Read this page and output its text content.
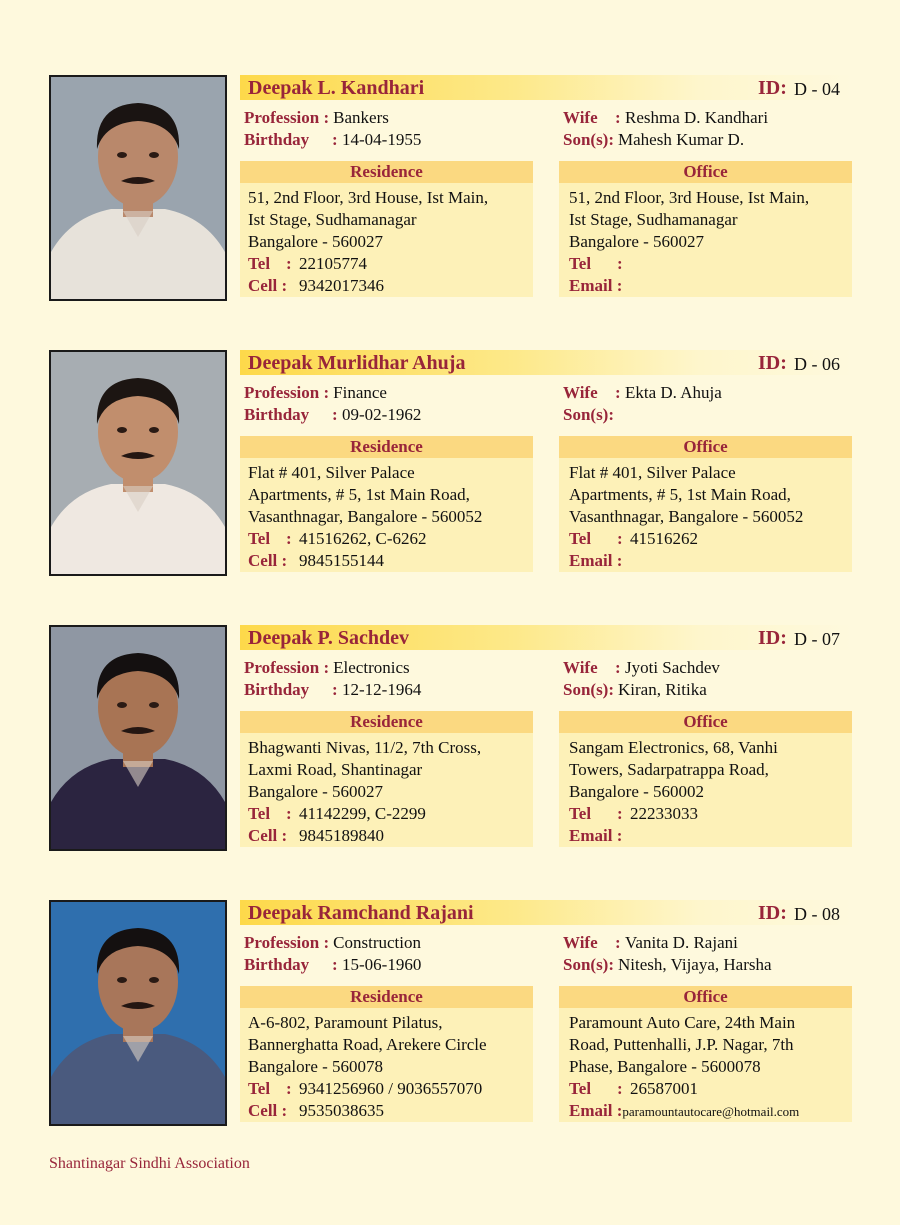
Deepak L. Kandhari	ID: D - 04
Profession : Bankers
Birthday : 14-04-1955
Wife : Reshma D. Kandhari
Son(s): Mahesh Kumar D.
Residence
51, 2nd Floor, 3rd House, Ist Main,
Ist Stage, Sudhamanagar
Bangalore - 560027
Tel : 22105774
Cell : 9342017346
Office
51, 2nd Floor, 3rd House, Ist Main,
Ist Stage, Sudhamanagar
Bangalore - 560027
Tel :
Email :
Deepak Murlidhar Ahuja	ID: D - 06
Profession : Finance
Birthday : 09-02-1962
Wife : Ekta D. Ahuja
Son(s):
Residence
Flat # 401, Silver Palace
Apartments, # 5, 1st Main Road,
Vasanthnagar, Bangalore - 560052
Tel : 41516262, C-6262
Cell : 9845155144
Office
Flat # 401, Silver Palace
Apartments, # 5, 1st Main Road,
Vasanthnagar, Bangalore - 560052
Tel : 41516262
Email :
Deepak P. Sachdev	ID: D - 07
Profession : Electronics
Birthday : 12-12-1964
Wife : Jyoti Sachdev
Son(s): Kiran, Ritika
Residence
Bhagwanti Nivas, 11/2, 7th Cross,
Laxmi Road, Shantinagar
Bangalore - 560027
Tel : 41142299, C-2299
Cell : 9845189840
Office
Sangam Electronics, 68, Vanhi
Towers, Sadarpatrappa Road,
Bangalore - 560002
Tel : 22233033
Email :
Deepak Ramchand Rajani	ID: D - 08
Profession : Construction
Birthday : 15-06-1960
Wife : Vanita D. Rajani
Son(s): Nitesh, Vijaya, Harsha
Residence
A-6-802, Paramount Pilatus,
Bannerghatta Road, Arekere Circle
Bangalore - 560078
Tel : 9341256960 / 9036557070
Cell : 9535038635
Office
Paramount Auto Care, 24th Main
Road, Puttenhalli, J.P. Nagar, 7th
Phase, Bangalore - 5600078
Tel : 26587001
Email :paramountautocare@hotmail.com
Shantinagar Sindhi Association
